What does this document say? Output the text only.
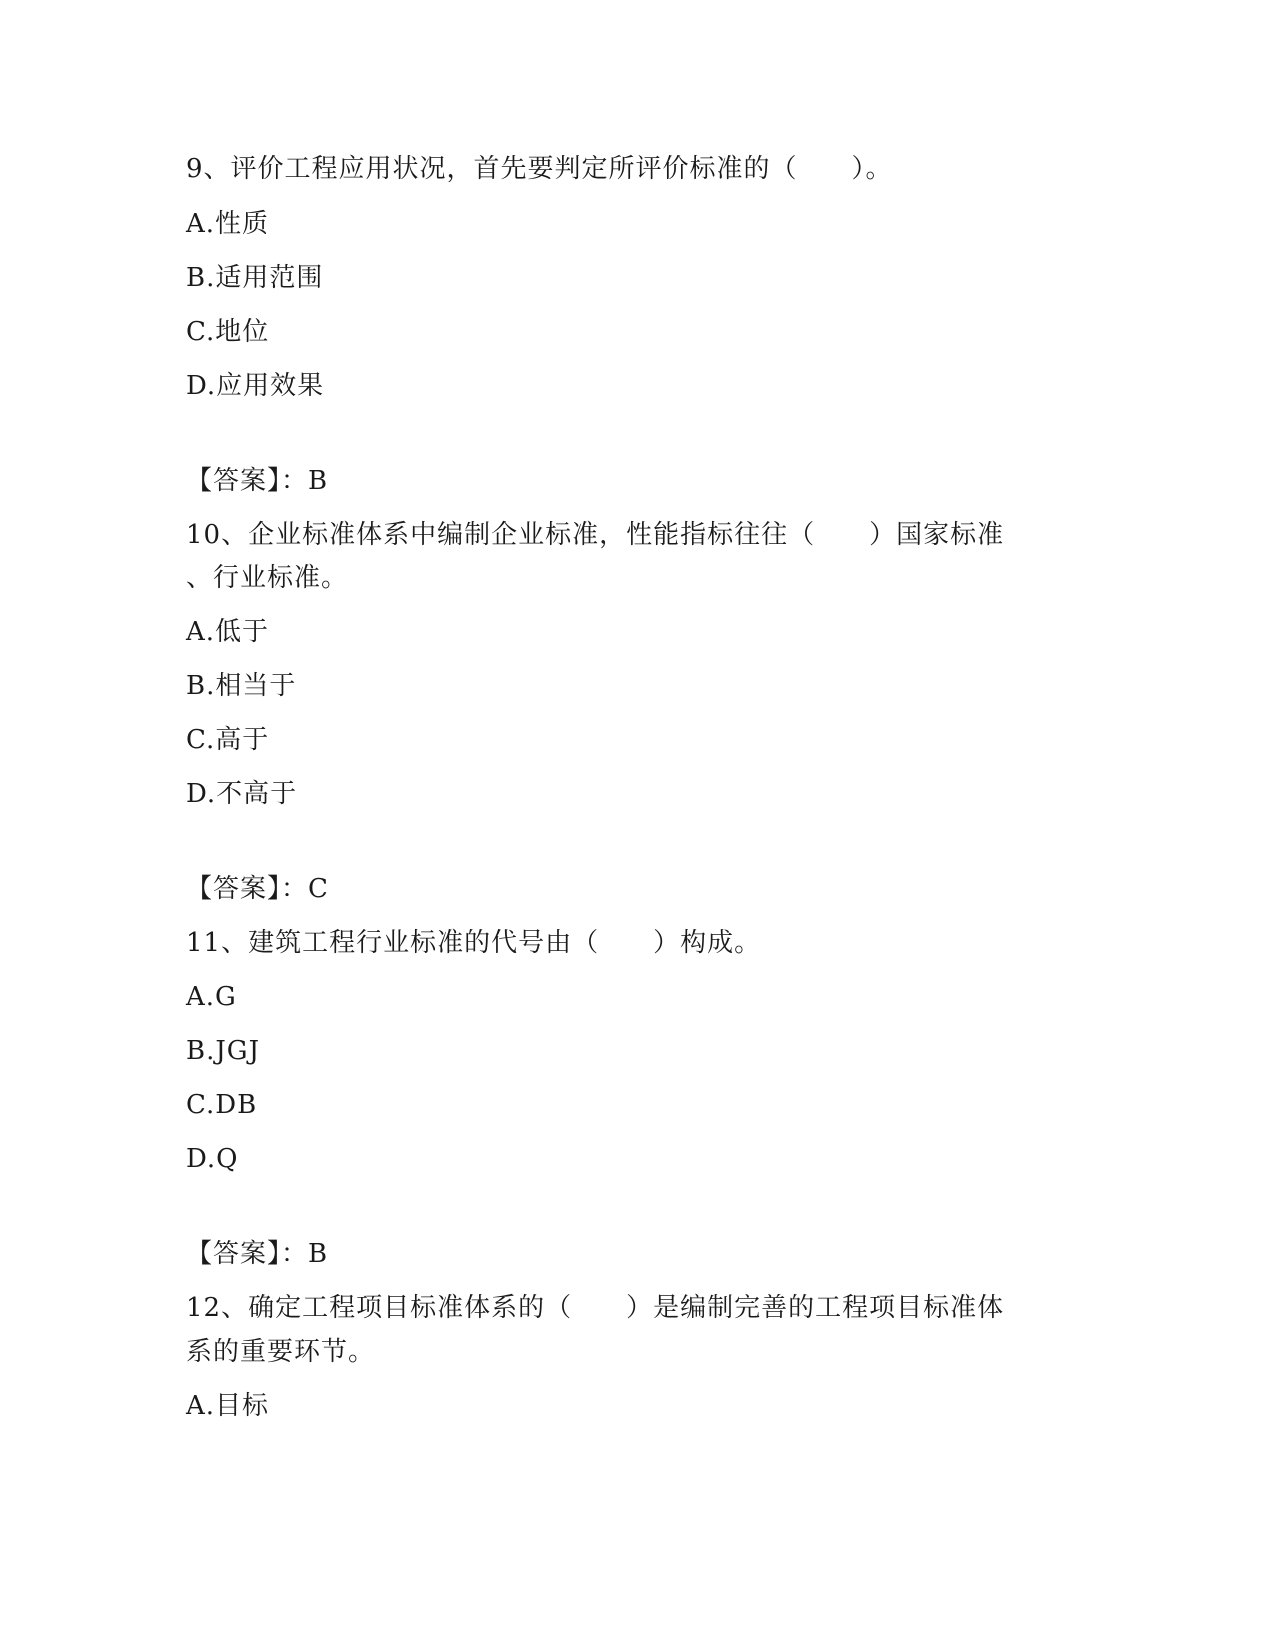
9、评价工程应用状况，首先要判定所评价标准的（　　）。
A.性质
B.适用范围
C.地位
D.应用效果
【答案】：B
10、企业标准体系中编制企业标准，性能指标往往（　　）国家标准
、行业标准。
A.低于
B.相当于
C.高于
D.不高于
【答案】：C
11、建筑工程行业标准的代号由（　　）构成。
A.G
B.JGJ
C.DB
D.Q
【答案】：B
12、确定工程项目标准体系的（　　）是编制完善的工程项目标准体
系的重要环节。
A.目标
